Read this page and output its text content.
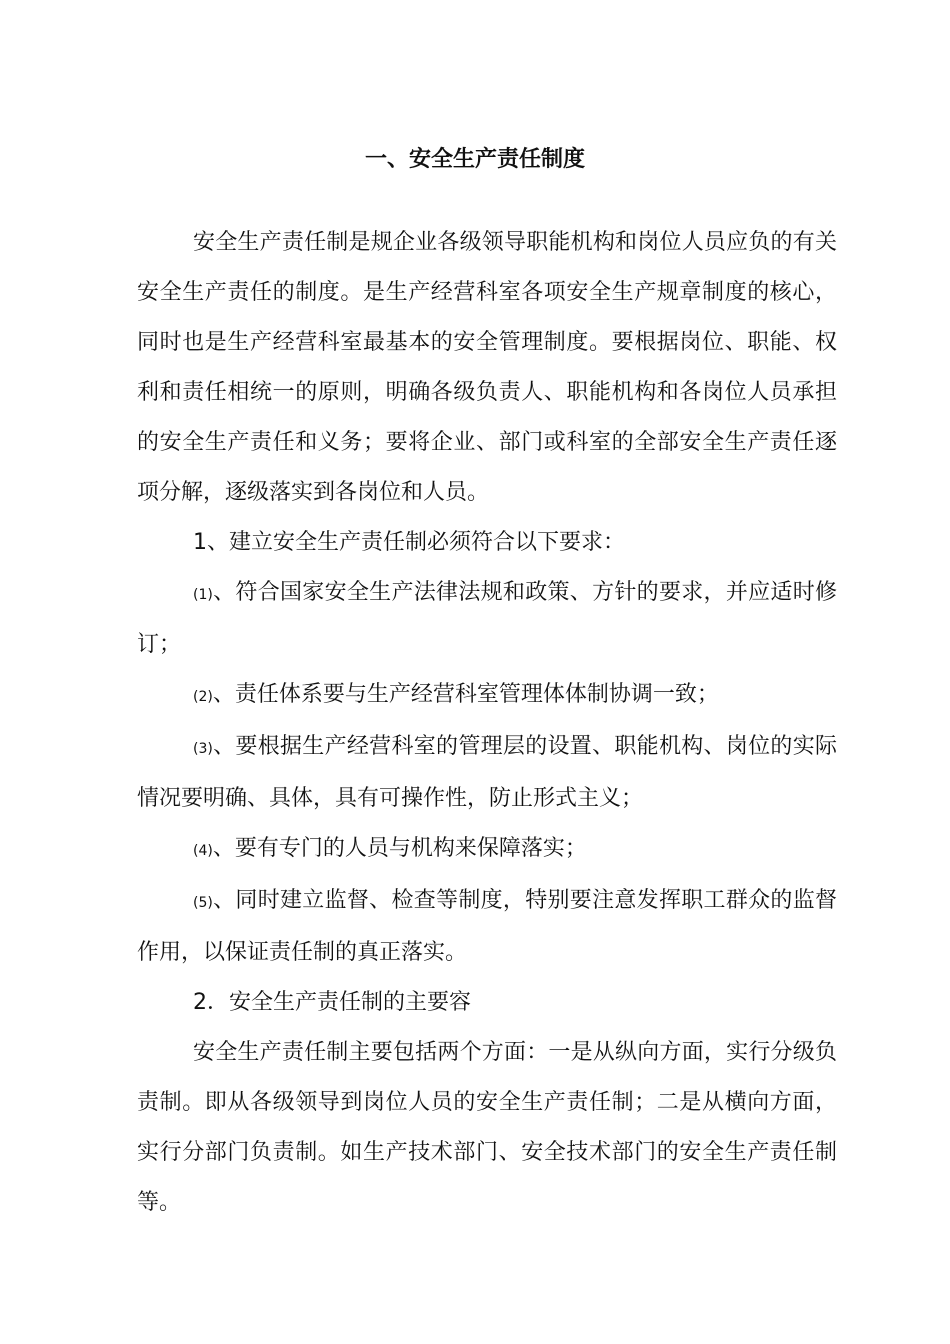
一、安全生产责任制度

安全生产责任制是规企业各级领导职能机构和岗位人员应负的有关安全生产责任的制度。是生产经营科室各项安全生产规章制度的核心，同时也是生产经营科室最基本的安全管理制度。要根据岗位、职能、权利和责任相统一的原则，明确各级负责人、职能机构和各岗位人员承担的安全生产责任和义务；要将企业、部门或科室的全部安全生产责任逐项分解，逐级落实到各岗位和人员。

1、建立安全生产责任制必须符合以下要求：

(1)、符合国家安全生产法律法规和政策、方针的要求，并应适时修订；

(2)、责任体系要与生产经营科室管理体体制协调一致；

(3)、要根据生产经营科室的管理层的设置、职能机构、岗位的实际情况要明确、具体，具有可操作性，防止形式主义；

(4)、要有专门的人员与机构来保障落实；

(5)、同时建立监督、检查等制度，特别要注意发挥职工群众的监督作用，以保证责任制的真正落实。

2．安全生产责任制的主要容

安全生产责任制主要包括两个方面：一是从纵向方面，实行分级负责制。即从各级领导到岗位人员的安全生产责任制；二是从横向方面，实行分部门负责制。如生产技术部门、安全技术部门的安全生产责任制等。
